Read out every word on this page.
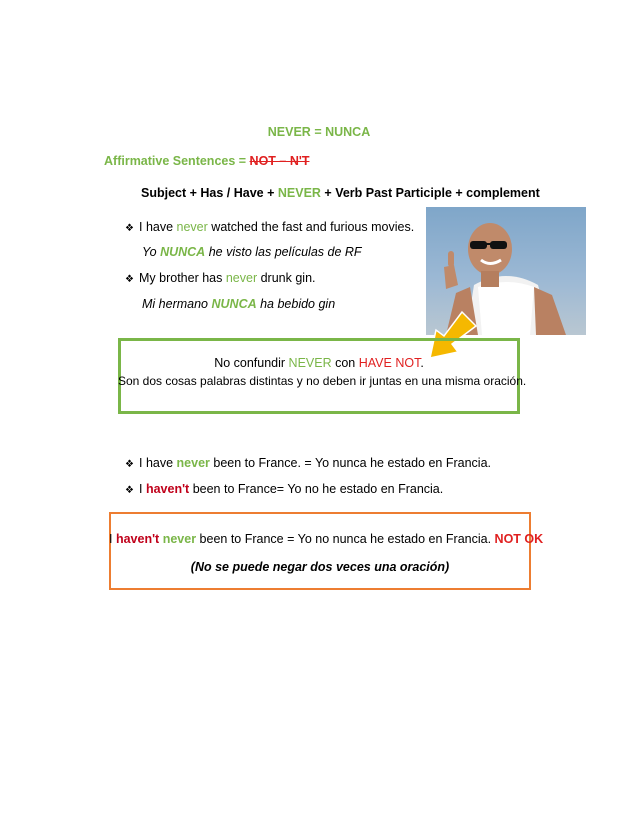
NEVER = NUNCA
Affirmative Sentences = NOT – N'T
Subject + Has / Have + NEVER + Verb Past Participle + complement
❖ I have never watched the fast and furious movies.
Yo NUNCA he visto las películas de RF
❖ My brother has never drunk gin.
Mi hermano NUNCA ha bebido gin
No confundir NEVER con HAVE NOT.
Son dos cosas palabras distintas y no deben ir juntas en una misma oración.
❖ I have never been to France. = Yo nunca he estado en Francia.
❖ I haven't been to France= Yo no he estado en Francia.
I haven't never been to France = Yo no nunca he estado en Francia. NOT OK
(No se puede negar dos veces una oración)
